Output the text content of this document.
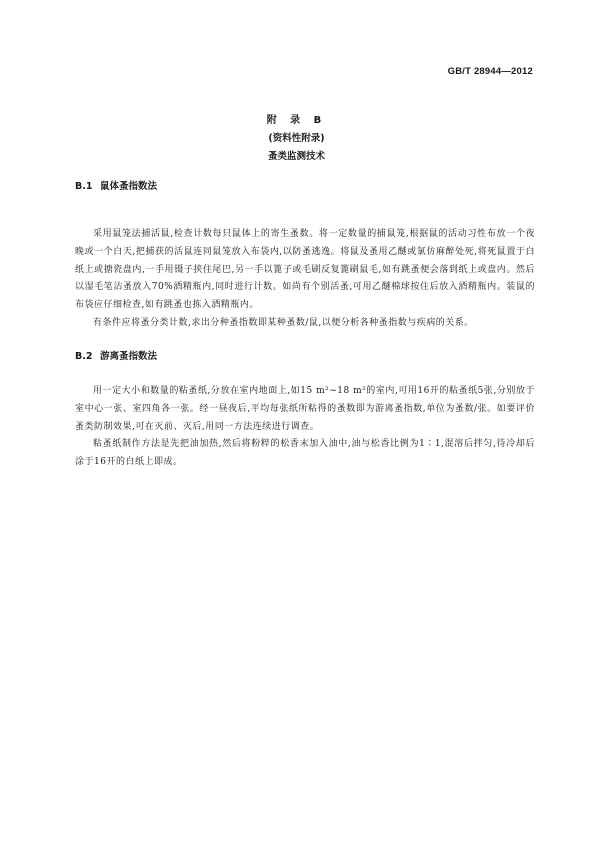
GB/T 28944—2012
附 录 B
(资料性附录)
蚤类监测技术
B.1 鼠体蚤指数法

采用鼠笼法捕活鼠,检查计数每只鼠体上的寄生蚤数。将一定数量的捕鼠笼,根据鼠的活动习性布放一个夜晚或一个白天,把捕获的活鼠连同鼠笼放入布袋内,以防蚤逃逸。将鼠及蚤用乙醚或氯仿麻醉处死,将死鼠置于白纸上或搪瓷盘内,一手用镊子挟住尾巴,另一手以篦子或毛刷反复篦刷鼠毛,如有跳蚤便会落到纸上或盘内。然后以湿毛笔沾蚤放入70%酒精瓶内,同时进行计数。如尚有个别活蚤,可用乙醚棉球按住后放入酒精瓶内。装鼠的布袋应仔细检查,如有跳蚤也拣入酒精瓶内。

有条件应将蚤分类计数,求出分种蚤指数即某种蚤数/鼠,以便分析各种蚤指数与疾病的关系。

B.2 游离蚤指数法

用一定大小和数量的粘蚤纸,分放在室内地面上,如15 m²~18 m²的室内,可用16开的粘蚤纸5张,分别放于室中心一张、室四角各一张。经一昼夜后,平均每张纸所粘得的蚤数即为游离蚤指数,单位为蚤数/张。如要评价蚤类防制效果,可在灭前、灭后,用同一方法连续进行调查。

粘蚤纸制作方法是先把油加热,然后将粉粹的松香末加入油中,油与松香比例为1∶1,混溶后拌匀,待冷却后涂于16开的白纸上即成。
